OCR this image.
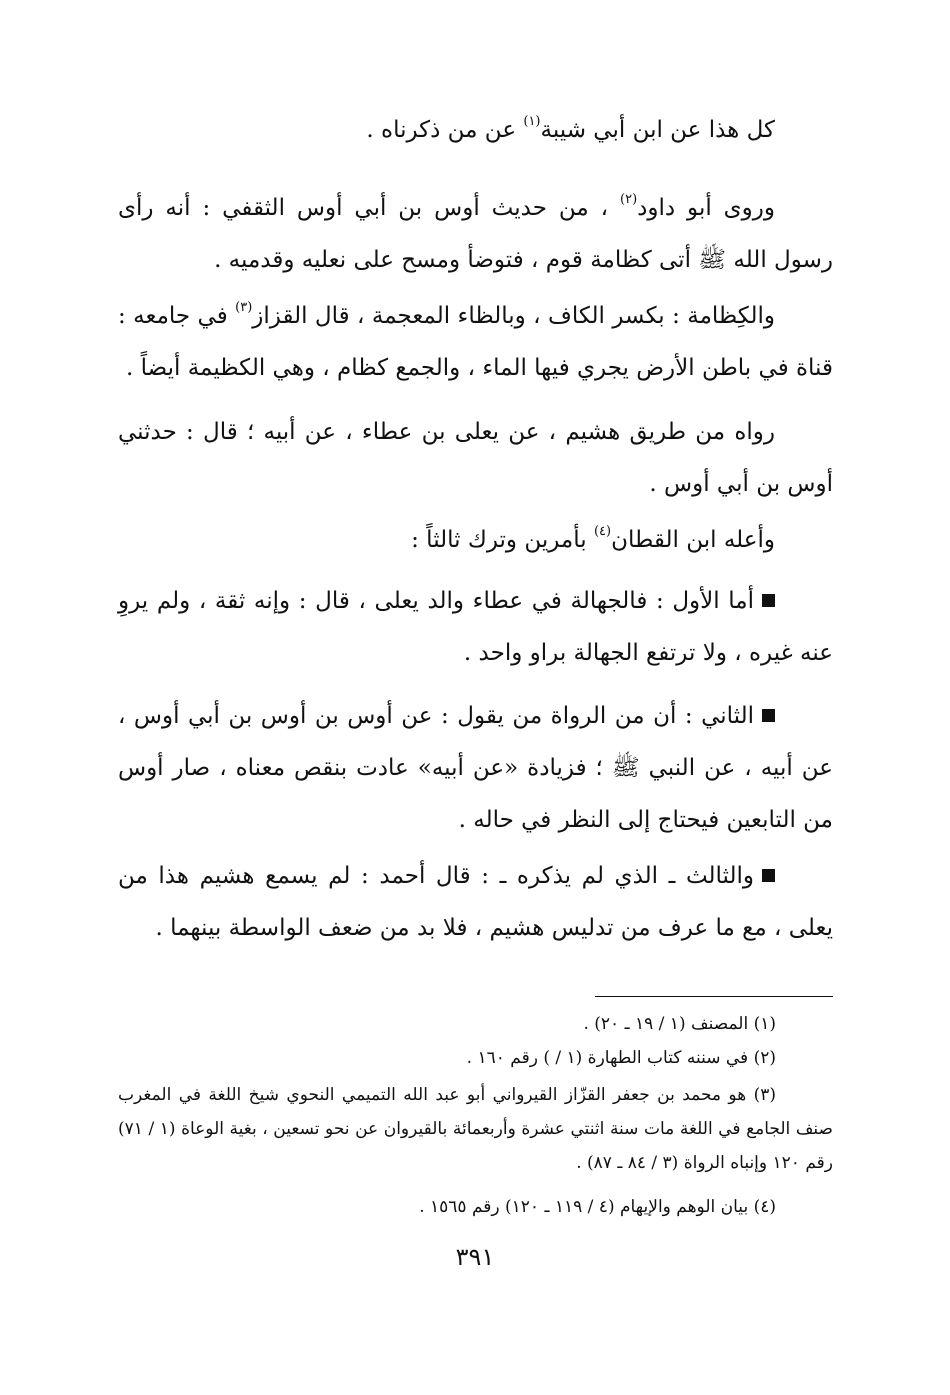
كل هذا عن ابن أبي شيبة$^{(١)}$ عن من ذكرناه .

وروى أبو داود$^{(٢)}$ ، من حديث أوس بن أبي أوس الثقفي : أنه رأى رسول الله ﷺ أتى كظامة قوم ، فتوضأ ومسح على نعليه وقدميه .

والكِظامة : بكسر الكاف ، وبالظاء المعجمة ، قال القزاز$^{(٣)}$ في جامعه : قناة في باطن الأرض يجري فيها الماء ، والجمع كظام ، وهي الكظيمة أيضاً .

رواه من طريق هشيم ، عن يعلى بن عطاء ، عن أبيه ؛ قال : حدثني أوس بن أبي أوس .

وأعله ابن القطان$^{(٤)}$ بأمرين وترك ثالثاً :

أما الأول : فالجهالة في عطاء والد يعلى ، قال : وإنه ثقة ، ولم يروِ عنه غيره ، ولا ترتفع الجهالة براو واحد .

الثاني : أن من الرواة من يقول : عن أوس بن أوس بن أبي أوس ، عن أبيه ، عن النبي ﷺ ؛ فزيادة «عن أبيه» عادت بنقص معناه ، صار أوس من التابعين فيحتاج إلى النظر في حاله .

والثالث ـ الذي لم يذكره ـ : قال أحمد : لم يسمع هشيم هذا من يعلى ، مع ما عرف من تدليس هشيم ، فلا بد من ضعف الواسطة بينهما .

(١) المصنف (١ / ١٩ ـ ٢٠) .

(٢) في سننه كتاب الطهارة (١ / ) رقم ١٦٠ .

(٣) هو محمد بن جعفر القزّاز القيرواني أبو عبد الله التميمي النحوي شيخ اللغة في المغرب صنف الجامع في اللغة مات سنة اثنتي عشرة وأربعمائة بالقيروان عن نحو تسعين ، بغية الوعاة (١ / ٧١) رقم ١٢٠ وإنباه الرواة (٣ / ٨٤ ـ ٨٧) .

(٤) بيان الوهم والإيهام (٤ / ١١٩ ـ ١٢٠) رقم ١٥٦٥ .

٣٩١
